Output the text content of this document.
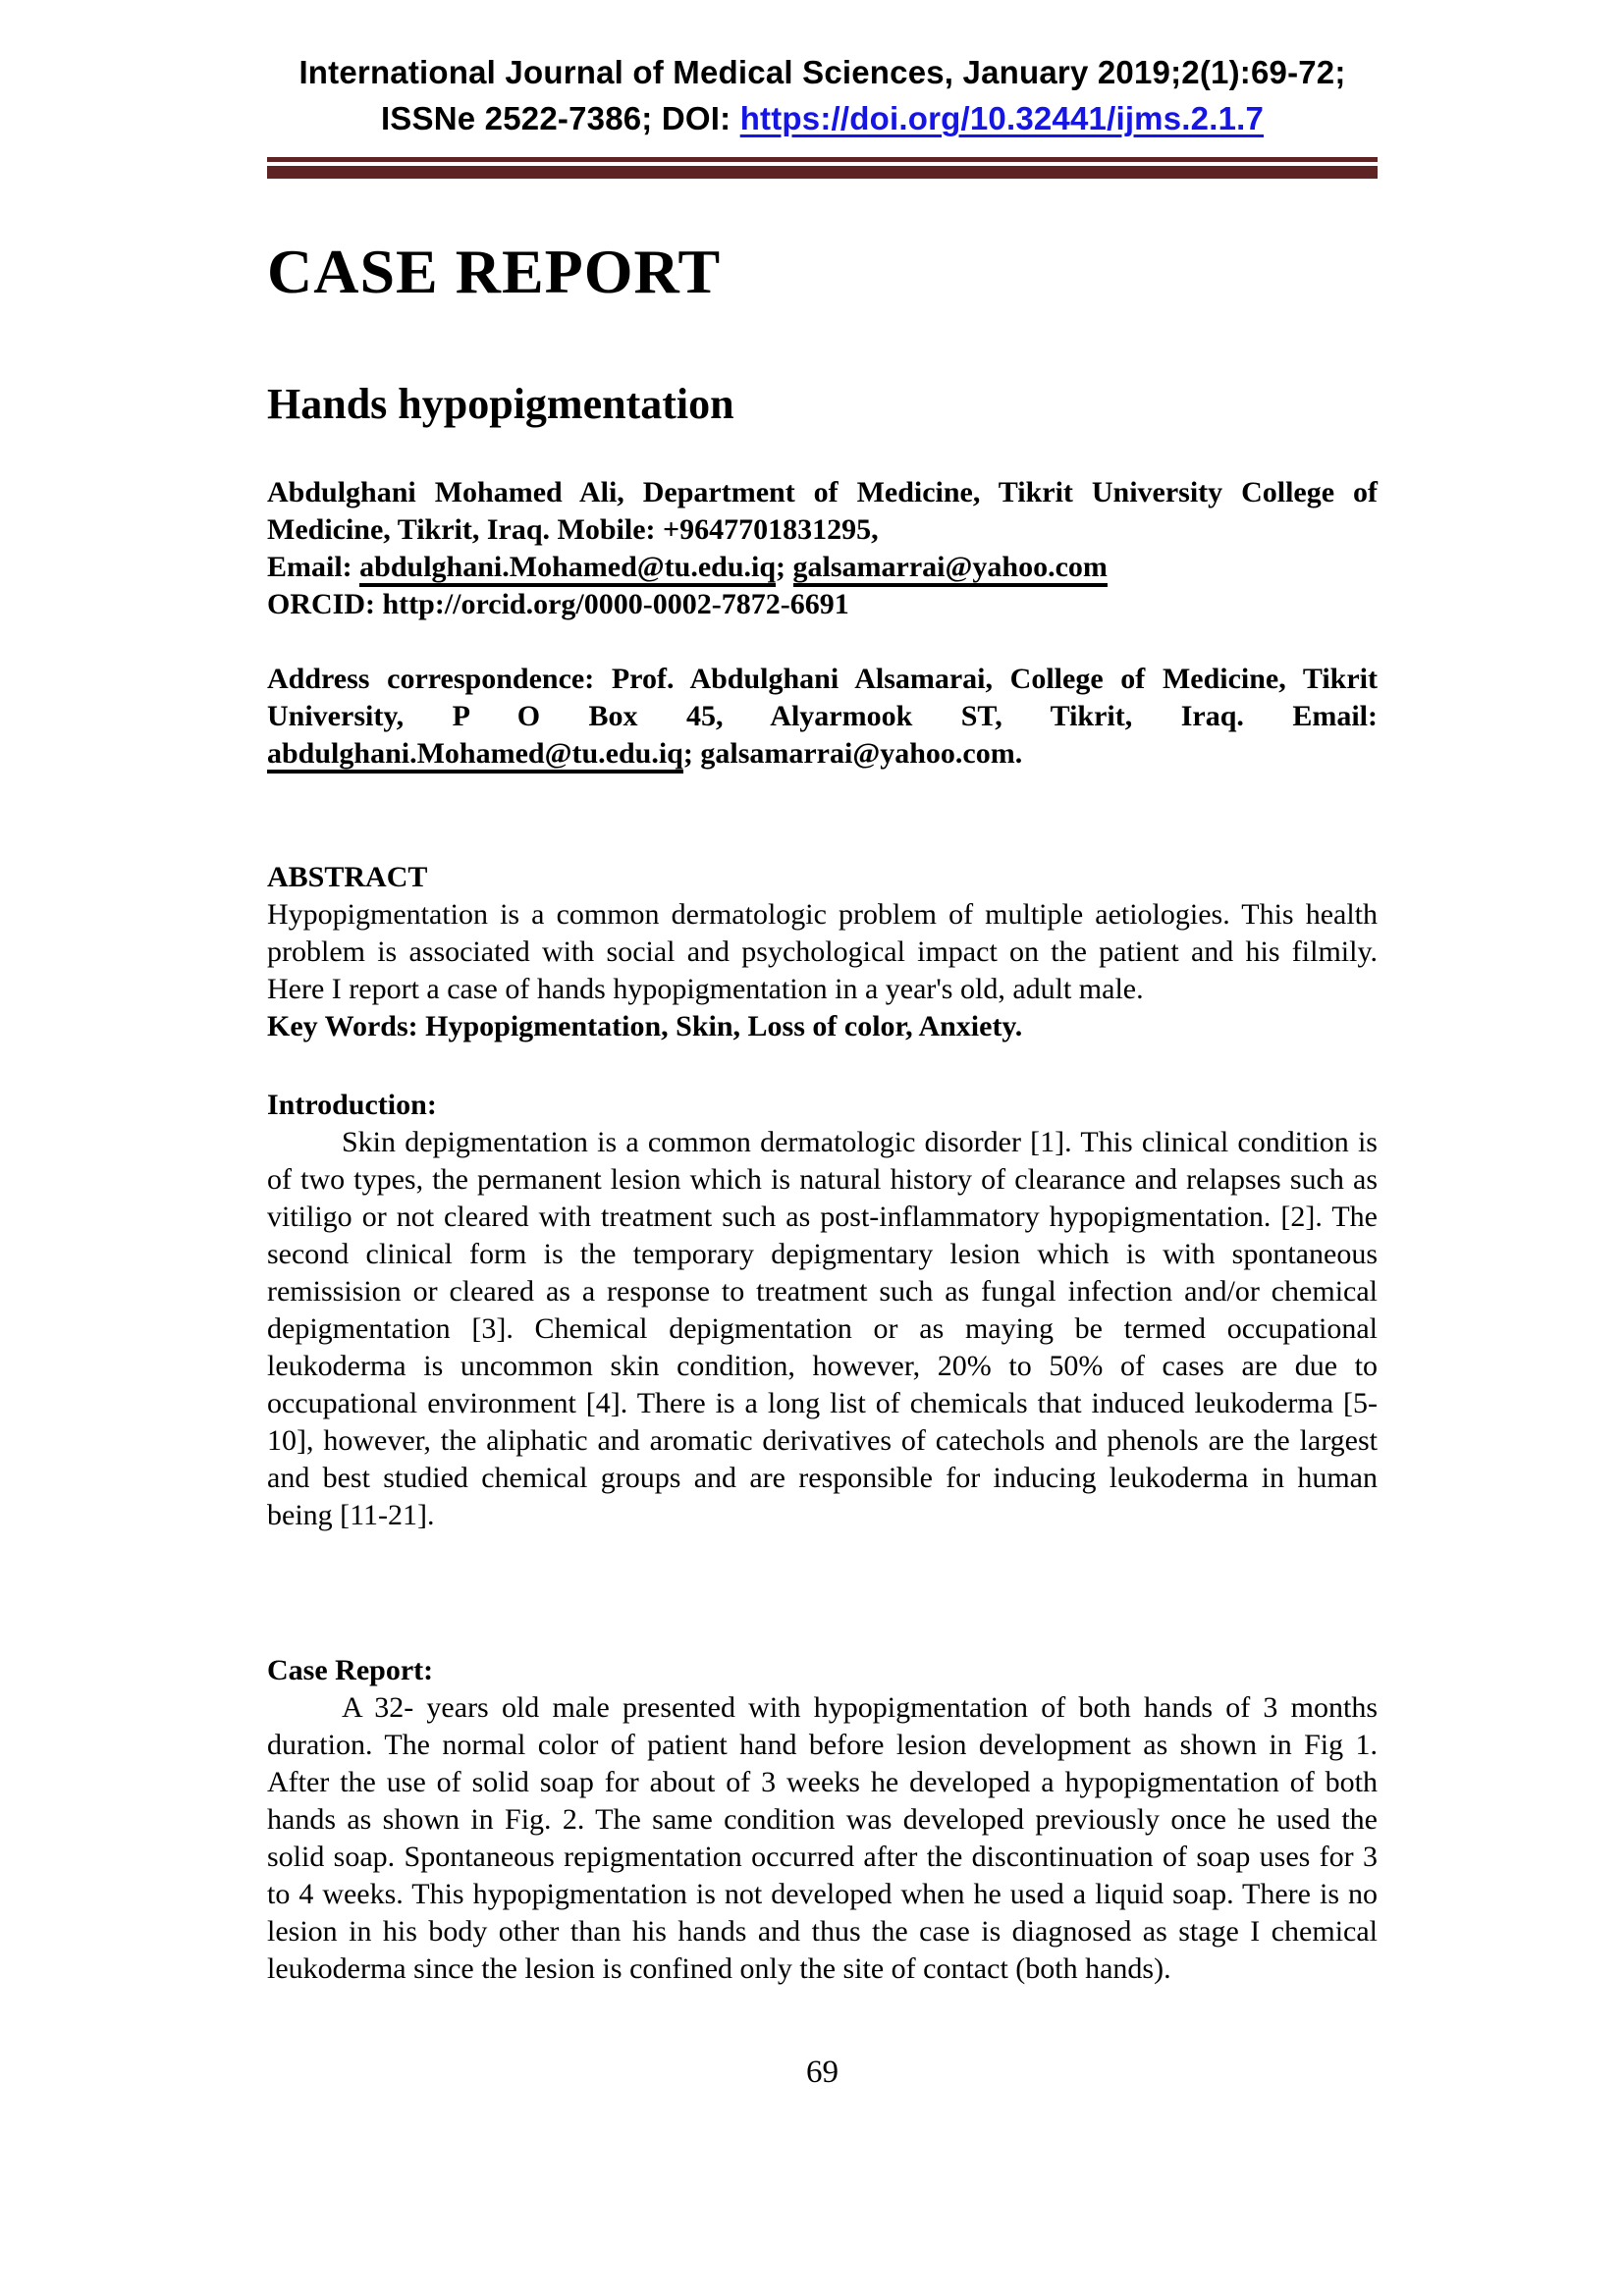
International Journal of Medical Sciences, January 2019;2(1):69-72;
ISSNe 2522-7386; DOI: https://doi.org/10.32441/ijms.2.1.7
CASE REPORT
Hands hypopigmentation

Abdulghani Mohamed Ali, Department of Medicine, Tikrit University College of Medicine, Tikrit, Iraq. Mobile: +9647701831295,
Email: abdulghani.Mohamed@tu.edu.iq; galsamarrai@yahoo.com
ORCID: http://orcid.org/0000-0002-7872-6691

Address correspondence: Prof. Abdulghani Alsamarai, College of Medicine, Tikrit University, P O Box 45, Alyarmook ST, Tikrit, Iraq. Email: abdulghani.Mohamed@tu.edu.iq; galsamarrai@yahoo.com.

ABSTRACT

Hypopigmentation is a common dermatologic problem of multiple aetiologies. This health problem is associated with social and psychological impact on the patient and his filmily. Here I report a case of hands hypopigmentation in a year's old, adult male.

Key Words: Hypopigmentation, Skin, Loss of color, Anxiety.

Introduction:

Skin depigmentation is a common dermatologic disorder [1]. This clinical condition is of two types, the permanent lesion which is natural history of clearance and relapses such as vitiligo or not cleared with treatment such as post-inflammatory hypopigmentation. [2]. The second clinical form is the temporary depigmentary lesion which is with spontaneous remissision or cleared as a response to treatment such as fungal infection and/or chemical depigmentation [3]. Chemical depigmentation or as maying be termed occupational leukoderma is uncommon skin condition, however, 20% to 50% of cases are due to occupational environment [4]. There is a long list of chemicals that induced leukoderma [5-10], however, the aliphatic and aromatic derivatives of catechols and phenols are the largest and best studied chemical groups and are responsible for inducing leukoderma in human being [11-21].

Case Report:

A 32- years old male presented with hypopigmentation of both hands of 3 months duration. The normal color of patient hand before lesion development as shown in Fig 1. After the use of solid soap for about of 3 weeks he developed a hypopigmentation of both hands as shown in Fig. 2. The same condition was developed previously once he used the solid soap. Spontaneous repigmentation occurred after the discontinuation of soap uses for 3 to 4 weeks. This hypopigmentation is not developed when he used a liquid soap. There is no lesion in his body other than his hands and thus the case is diagnosed as stage I chemical leukoderma since the lesion is confined only the site of contact (both hands).

69
